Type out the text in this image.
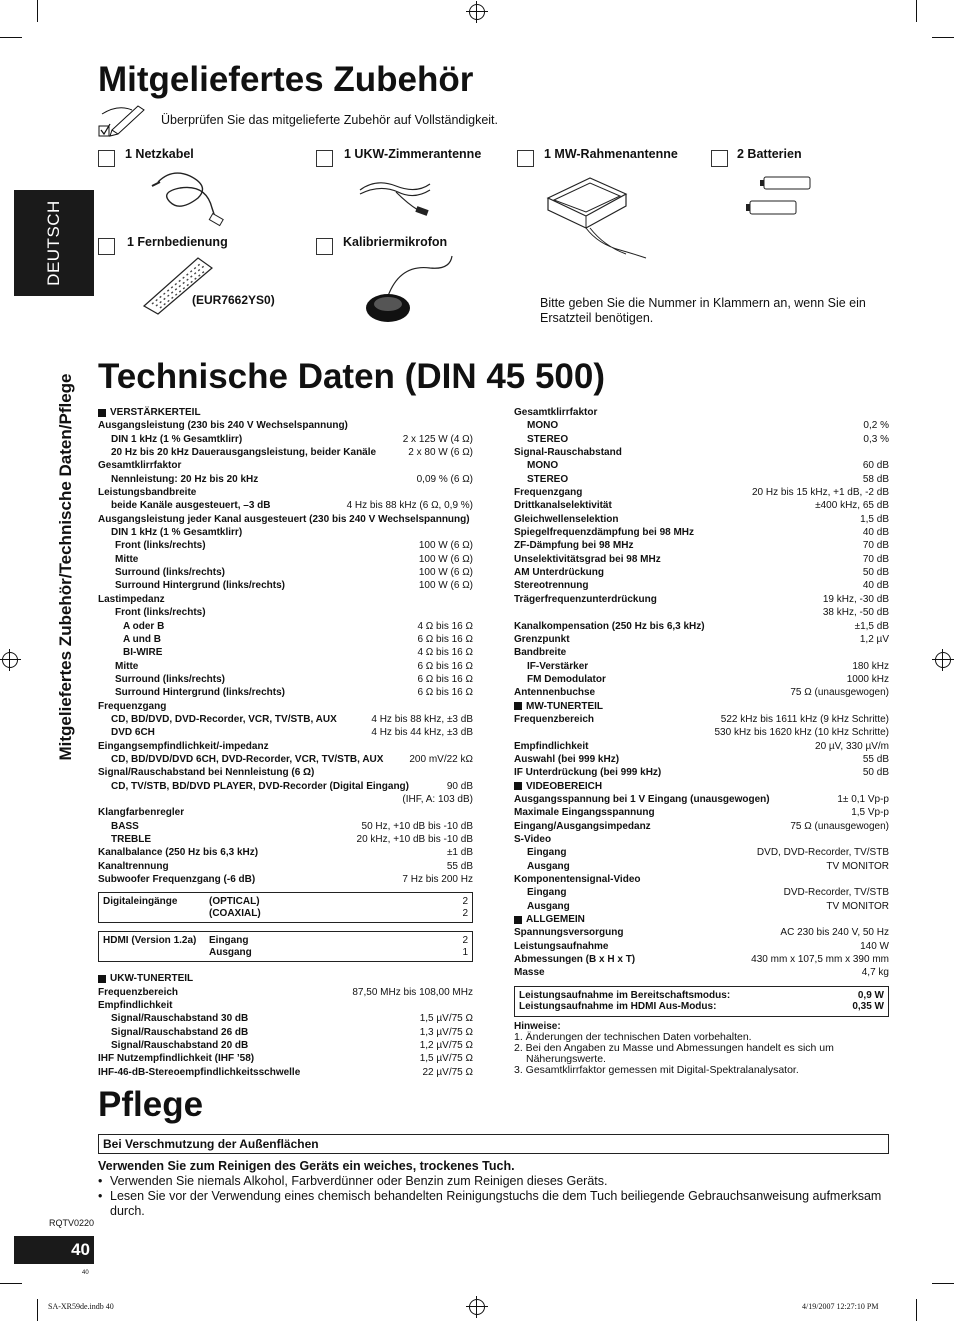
DEUTSCH
Mitgeliefertes Zubehör/Technische Daten/Pflege
Mitgeliefertes Zubehör
Überprüfen Sie das mitgelieferte Zubehör auf Vollständigkeit.
1 Netzkabel	1 UKW-Zimmerantenne	1 MW-Rahmenantenne	2 Batterien
1 Fernbedienung
(EUR7662YS0)
Kalibriermikrofon
Bitte geben Sie die Nummer in Klammern an, wenn Sie ein Ersatzteil benötigen.
Technische Daten (DIN 45 500)
VERSTÄRKERTEIL
Ausgangsleistung (230 bis 240 V Wechselspannung)
DIN 1 kHz (1 % Gesamtklirr)	2 x 125 W (4 Ω)
20 Hz bis 20 kHz Dauerausgangsleistung, beider Kanäle	2 x 80 W (6 Ω)
Gesamtklirrfaktor
Nennleistung: 20 Hz bis 20 kHz	0,09 % (6 Ω)
Leistungsbandbreite
beide Kanäle ausgesteuert, –3 dB	4 Hz bis 88 kHz (6 Ω, 0,9 %)
Ausgangsleistung jeder Kanal ausgesteuert (230 bis 240 V Wechselspannung)
DIN 1 kHz (1 % Gesamtklirr)
Front (links/rechts)	100 W (6 Ω)
Mitte	100 W (6 Ω)
Surround (links/rechts)	100 W (6 Ω)
Surround Hintergrund (links/rechts)	100 W (6 Ω)
Lastimpedanz
Front (links/rechts)
A oder B	4 Ω bis 16 Ω
A und B	6 Ω bis 16 Ω
BI-WIRE	4 Ω bis 16 Ω
Mitte	6 Ω bis 16 Ω
Surround (links/rechts)	6 Ω bis 16 Ω
Surround Hintergrund (links/rechts)	6 Ω bis 16 Ω
Frequenzgang
CD, BD/DVD, DVD-Recorder, VCR, TV/STB, AUX	4 Hz bis 88 kHz, ±3 dB
DVD 6CH	4 Hz bis 44 kHz, ±3 dB
Eingangsempfindlichkeit/-impedanz
CD, BD/DVD/DVD 6CH, DVD-Recorder, VCR, TV/STB, AUX	200 mV/22 kΩ
Signal/Rauschabstand bei Nennleistung (6 Ω)
CD, TV/STB, BD/DVD PLAYER, DVD-Recorder (Digital Eingang)	90 dB
(IHF, A: 103 dB)
Klangfarbenregler
BASS	50 Hz, +10 dB bis -10 dB
TREBLE	20 kHz, +10 dB bis -10 dB
Kanalbalance (250 Hz bis 6,3 kHz)	±1 dB
Kanaltrennung	55 dB
Subwoofer Frequenzgang (-6 dB)	7 Hz bis 200 Hz
Digitaleingänge	(OPTICAL)	2
(COAXIAL)	2
HDMI (Version 1.2a)	Eingang	2
Ausgang	1
UKW-TUNERTEIL
Frequenzbereich	87,50 MHz bis 108,00 MHz
Empfindlichkeit
Signal/Rauschabstand 30 dB	1,5 µV/75 Ω
Signal/Rauschabstand 26 dB	1,3 µV/75 Ω
Signal/Rauschabstand 20 dB	1,2 µV/75 Ω
IHF Nutzempfindlichkeit (IHF ’58)	1,5 µV/75 Ω
IHF-46-dB-Stereoempfindlichkeitsschwelle	22 µV/75 Ω
Gesamtklirrfaktor
MONO	0,2 %
STEREO	0,3 %
Signal-Rauschabstand
MONO	60 dB
STEREO	58 dB
Frequenzgang	20 Hz bis 15 kHz, +1 dB, -2 dB
Drittkanalselektivität	±400 kHz, 65 dB
Gleichwellenselektion	1,5 dB
Spiegelfrequenzdämpfung bei 98 MHz	40 dB
ZF-Dämpfung bei 98 MHz	70 dB
Unselektivitätsgrad bei 98 MHz	70 dB
AM Unterdrückung	50 dB
Stereotrennung	40 dB
Trägerfrequenzunterdrückung	19 kHz, -30 dB
38 kHz, -50 dB
Kanalkompensation (250 Hz bis 6,3 kHz)	±1,5 dB
Grenzpunkt	1,2 µV
Bandbreite
IF-Verstärker	180 kHz
FM Demodulator	1000 kHz
Antennenbuchse	75 Ω (unausgewogen)
MW-TUNERTEIL
Frequenzbereich	522 kHz bis 1611 kHz (9 kHz Schritte)
530 kHz bis 1620 kHz (10 kHz Schritte)
Empfindlichkeit	20 µV, 330 µV/m
Auswahl (bei 999 kHz)	55 dB
IF Unterdrückung (bei 999 kHz)	50 dB
VIDEOBEREICH
Ausgangsspannung bei 1 V Eingang (unausgewogen)	1± 0,1 Vp-p
Maximale Eingangsspannung	1,5 Vp-p
Eingang/Ausgangsimpedanz	75 Ω (unausgewogen)
S-Video
Eingang	DVD, DVD-Recorder, TV/STB
Ausgang	TV MONITOR
Komponentensignal-Video
Eingang	DVD-Recorder, TV/STB
Ausgang	TV MONITOR
ALLGEMEIN
Spannungsversorgung	AC 230 bis 240 V, 50 Hz
Leistungsaufnahme	140 W
Abmessungen (B x H x T)	430 mm x 107,5 mm x 390 mm
Masse	4,7 kg
Leistungsaufnahme im Bereitschaftsmodus:	0,9 W
Leistungsaufnahme im HDMI Aus-Modus:	0,35 W
Hinweise:
1. Änderungen der technischen Daten vorbehalten.
2. Bei den Angaben zu Masse und Abmessungen handelt es sich um
Näherungswerte.
3. Gesamtklirrfaktor gemessen mit Digital-Spektralanalysator.
Pflege
Bei Verschmutzung der Außenflächen
Verwenden Sie zum Reinigen des Geräts ein weiches, trockenes Tuch.
• Verwenden Sie niemals Alkohol, Farbverdünner oder Benzin zum Reinigen dieses Geräts.
• Lesen Sie vor der Verwendung eines chemisch behandelten Reinigungstuchs die dem Tuch beiliegende Gebrauchsanweisung aufmerksam durch.
RQTV0220
40
40
SA-XR59de.indb 40	4/19/2007 12:27:10 PM
